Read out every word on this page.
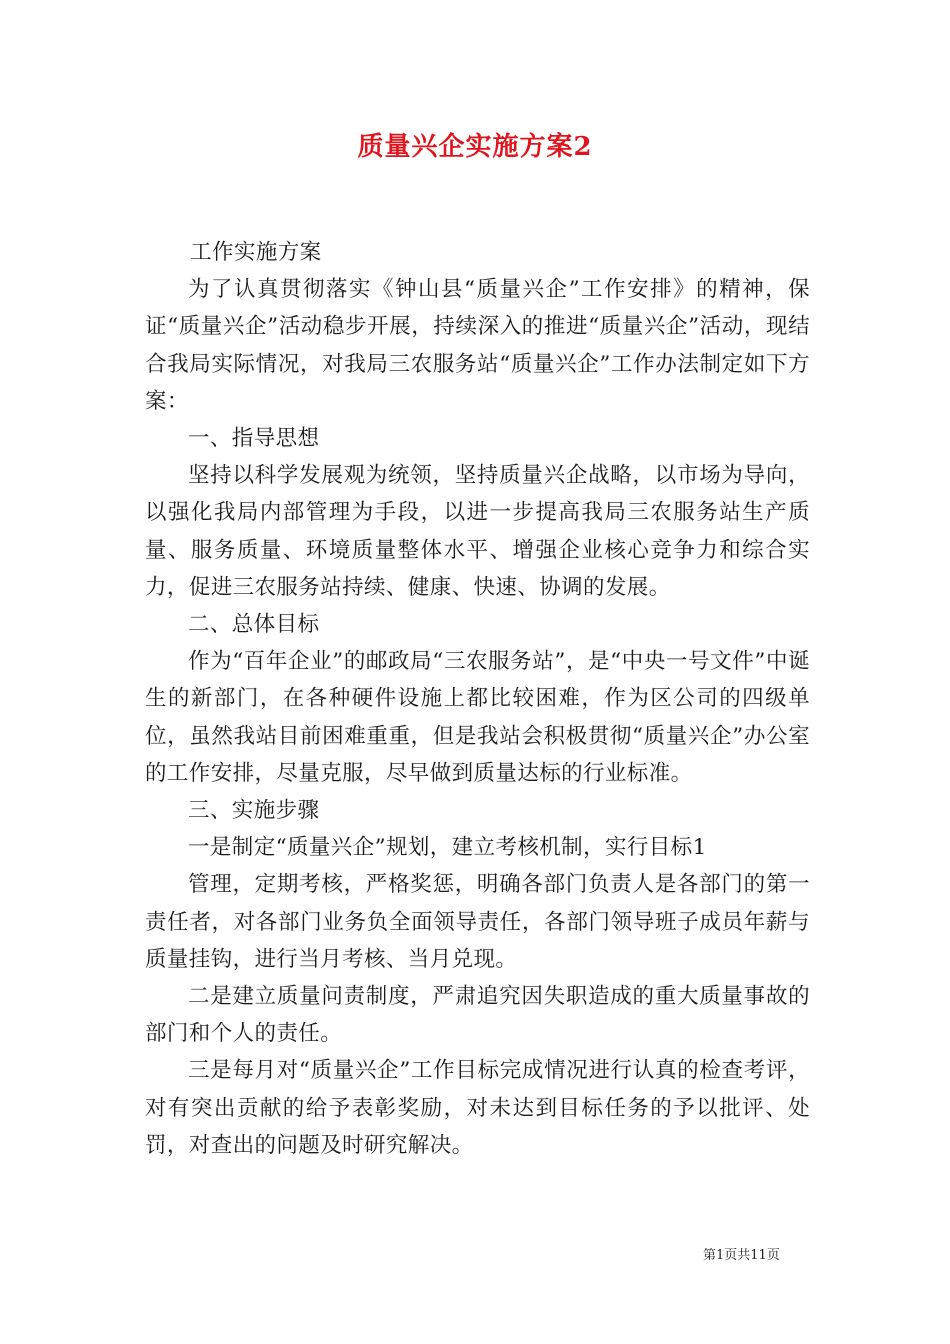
质量兴企实施方案2

工作实施方案

为了认真贯彻落实《钟山县“质量兴企”工作安排》的精神，保证“质量兴企”活动稳步开展，持续深入的推进“质量兴企”活动，现结合我局实际情况，对我局三农服务站“质量兴企”工作办法制定如下方案：

一、指导思想

坚持以科学发展观为统领，坚持质量兴企战略，以市场为导向，以强化我局内部管理为手段，以进一步提高我局三农服务站生产质量、服务质量、环境质量整体水平、增强企业核心竞争力和综合实力，促进三农服务站持续、健康、快速、协调的发展。

二、总体目标

作为“百年企业”的邮政局“三农服务站”，是“中央一号文件”中诞生的新部门，在各种硬件设施上都比较困难，作为区公司的四级单位，虽然我站目前困难重重，但是我站会积极贯彻“质量兴企”办公室的工作安排，尽量克服，尽早做到质量达标的行业标准。

三、实施步骤

一是制定“质量兴企”规划，建立考核机制，实行目标1

管理，定期考核，严格奖惩，明确各部门负责人是各部门的第一责任者，对各部门业务负全面领导责任，各部门领导班子成员年薪与质量挂钩，进行当月考核、当月兑现。

二是建立质量问责制度，严肃追究因失职造成的重大质量事故的部门和个人的责任。

三是每月对“质量兴企”工作目标完成情况进行认真的检查考评，对有突出贡献的给予表彰奖励，对未达到目标任务的予以批评、处罚，对查出的问题及时研究解决。

第1页共11页
